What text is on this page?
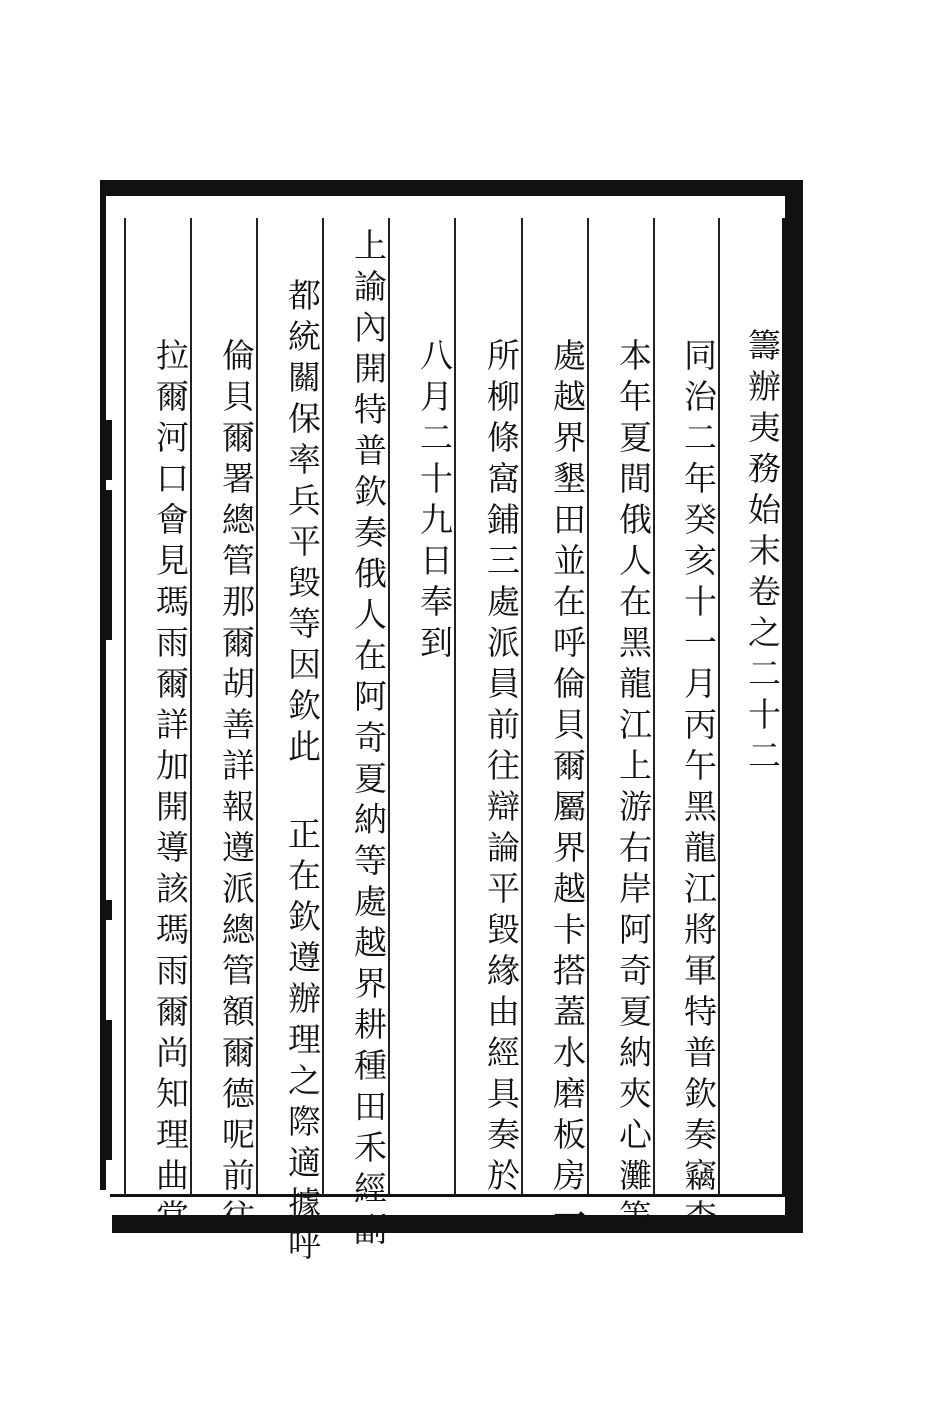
籌辦夷務始末卷之二十二
同治二年癸亥十一月丙午黑龍江將軍特普欽奏竊查
本年夏間俄人在黑龍江上游右岸阿奇夏納夾心灘等
處越界墾田並在呼倫貝爾屬界越卡搭蓋水磨板房一
所柳條窩鋪三處派員前往辯論平毀緣由經具奏於
八月二十九日奉到
上諭內開特普欽奏俄人在阿奇夏納等處越界耕種田禾經副
都統關保率兵平毀等因欽此 正在欽遵辦理之際適據呼
倫貝爾署總管那爾胡善詳報遵派總管額爾德呢前往
拉爾河口會見瑪雨爾詳加開導該瑪雨爾尚知理曲當
